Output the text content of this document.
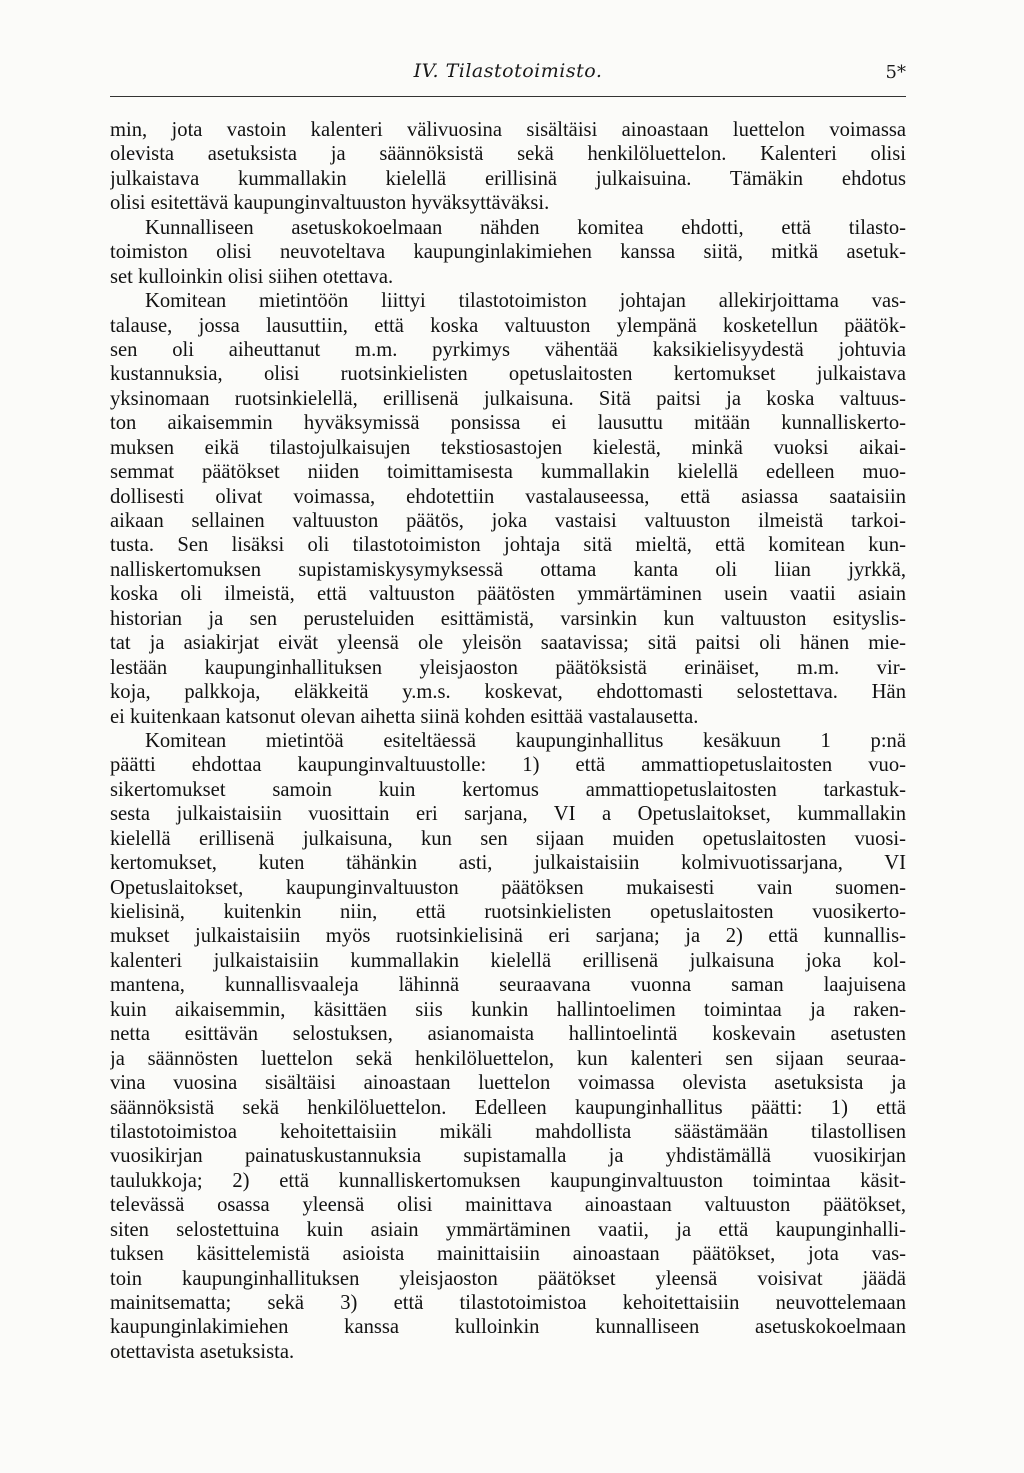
IV. Tilastotoimisto.	5*
min, jota vastoin kalenteri välivuosina sisältäisi ainoastaan luettelon voimassa
olevista asetuksista ja säännöksistä sekä henkilöluettelon. Kalenteri olisi
julkaistava kummallakin kielellä erillisinä julkaisuina. Tämäkin ehdotus
olisi esitettävä kaupunginvaltuuston hyväksyttäväksi.
Kunnalliseen asetuskokoelmaan nähden komitea ehdotti, että tilasto-
toimiston olisi neuvoteltava kaupunginlakimiehen kanssa siitä, mitkä asetuk-
set kulloinkin olisi siihen otettava.
Komitean mietintöön liittyi tilastotoimiston johtajan allekirjoittama vas-
talause, jossa lausuttiin, että koska valtuuston ylempänä kosketellun päätök-
sen oli aiheuttanut m.m. pyrkimys vähentää kaksikielisyydestä johtuvia
kustannuksia, olisi ruotsinkielisten opetuslaitosten kertomukset julkaistava
yksinomaan ruotsinkielellä, erillisenä julkaisuna. Sitä paitsi ja koska valtuus-
ton aikaisemmin hyväksymissä ponsissa ei lausuttu mitään kunnalliskerto-
muksen eikä tilastojulkaisujen tekstiosastojen kielestä, minkä vuoksi aikai-
semmat päätökset niiden toimittamisesta kummallakin kielellä edelleen muo-
dollisesti olivat voimassa, ehdotettiin vastalauseessa, että asiassa saataisiin
aikaan sellainen valtuuston päätös, joka vastaisi valtuuston ilmeistä tarkoi-
tusta. Sen lisäksi oli tilastotoimiston johtaja sitä mieltä, että komitean kun-
nalliskertomuksen supistamiskysymyksessä ottama kanta oli liian jyrkkä,
koska oli ilmeistä, että valtuuston päätösten ymmärtäminen usein vaatii asiain
historian ja sen perusteluiden esittämistä, varsinkin kun valtuuston esityslis-
tat ja asiakirjat eivät yleensä ole yleisön saatavissa; sitä paitsi oli hänen mie-
lestään kaupunginhallituksen yleisjaoston päätöksistä erinäiset, m.m. vir-
koja, palkkoja, eläkkeitä y.m.s. koskevat, ehdottomasti selostettava. Hän
ei kuitenkaan katsonut olevan aihetta siinä kohden esittää vastalausetta.
Komitean mietintöä esiteltäessä kaupunginhallitus kesäkuun 1 p:nä
päätti ehdottaa kaupunginvaltuustolle: 1) että ammattiopetuslaitosten vuo-
sikertomukset samoin kuin kertomus ammattiopetuslaitosten tarkastuk-
sesta julkaistaisiin vuosittain eri sarjana, VI a Opetuslaitokset, kummallakin
kielellä erillisenä julkaisuna, kun sen sijaan muiden opetuslaitosten vuosi-
kertomukset, kuten tähänkin asti, julkaistaisiin kolmivuotissarjana, VI
Opetuslaitokset, kaupunginvaltuuston päätöksen mukaisesti vain suomen-
kielisinä, kuitenkin niin, että ruotsinkielisten opetuslaitosten vuosikerto-
mukset julkaistaisiin myös ruotsinkielisinä eri sarjana; ja 2) että kunnallis-
kalenteri julkaistaisiin kummallakin kielellä erillisenä julkaisuna joka kol-
mantena, kunnallisvaaleja lähinnä seuraavana vuonna saman laajuisena
kuin aikaisemmin, käsittäen siis kunkin hallintoelimen toimintaa ja raken-
netta esittävän selostuksen, asianomaista hallintoelintä koskevain asetusten
ja säännösten luettelon sekä henkilöluettelon, kun kalenteri sen sijaan seuraa-
vina vuosina sisältäisi ainoastaan luettelon voimassa olevista asetuksista ja
säännöksistä sekä henkilöluettelon. Edelleen kaupunginhallitus päätti: 1) että
tilastotoimistoa kehoitettaisiin mikäli mahdollista säästämään tilastollisen
vuosikirjan painatuskustannuksia supistamalla ja yhdistämällä vuosikirjan
taulukkoja; 2) että kunnalliskertomuksen kaupunginvaltuuston toimintaa käsit-
televässä osassa yleensä olisi mainittava ainoastaan valtuuston päätökset,
siten selostettuina kuin asiain ymmärtäminen vaatii, ja että kaupunginhalli-
tuksen käsittelemistä asioista mainittaisiin ainoastaan päätökset, jota vas-
toin kaupunginhallituksen yleisjaoston päätökset yleensä voisivat jäädä
mainitsematta; sekä 3) että tilastotoimistoa kehoitettaisiin neuvottelemaan
kaupunginlakimiehen kanssa kulloinkin kunnalliseen asetuskokoelmaan
otettavista asetuksista.
